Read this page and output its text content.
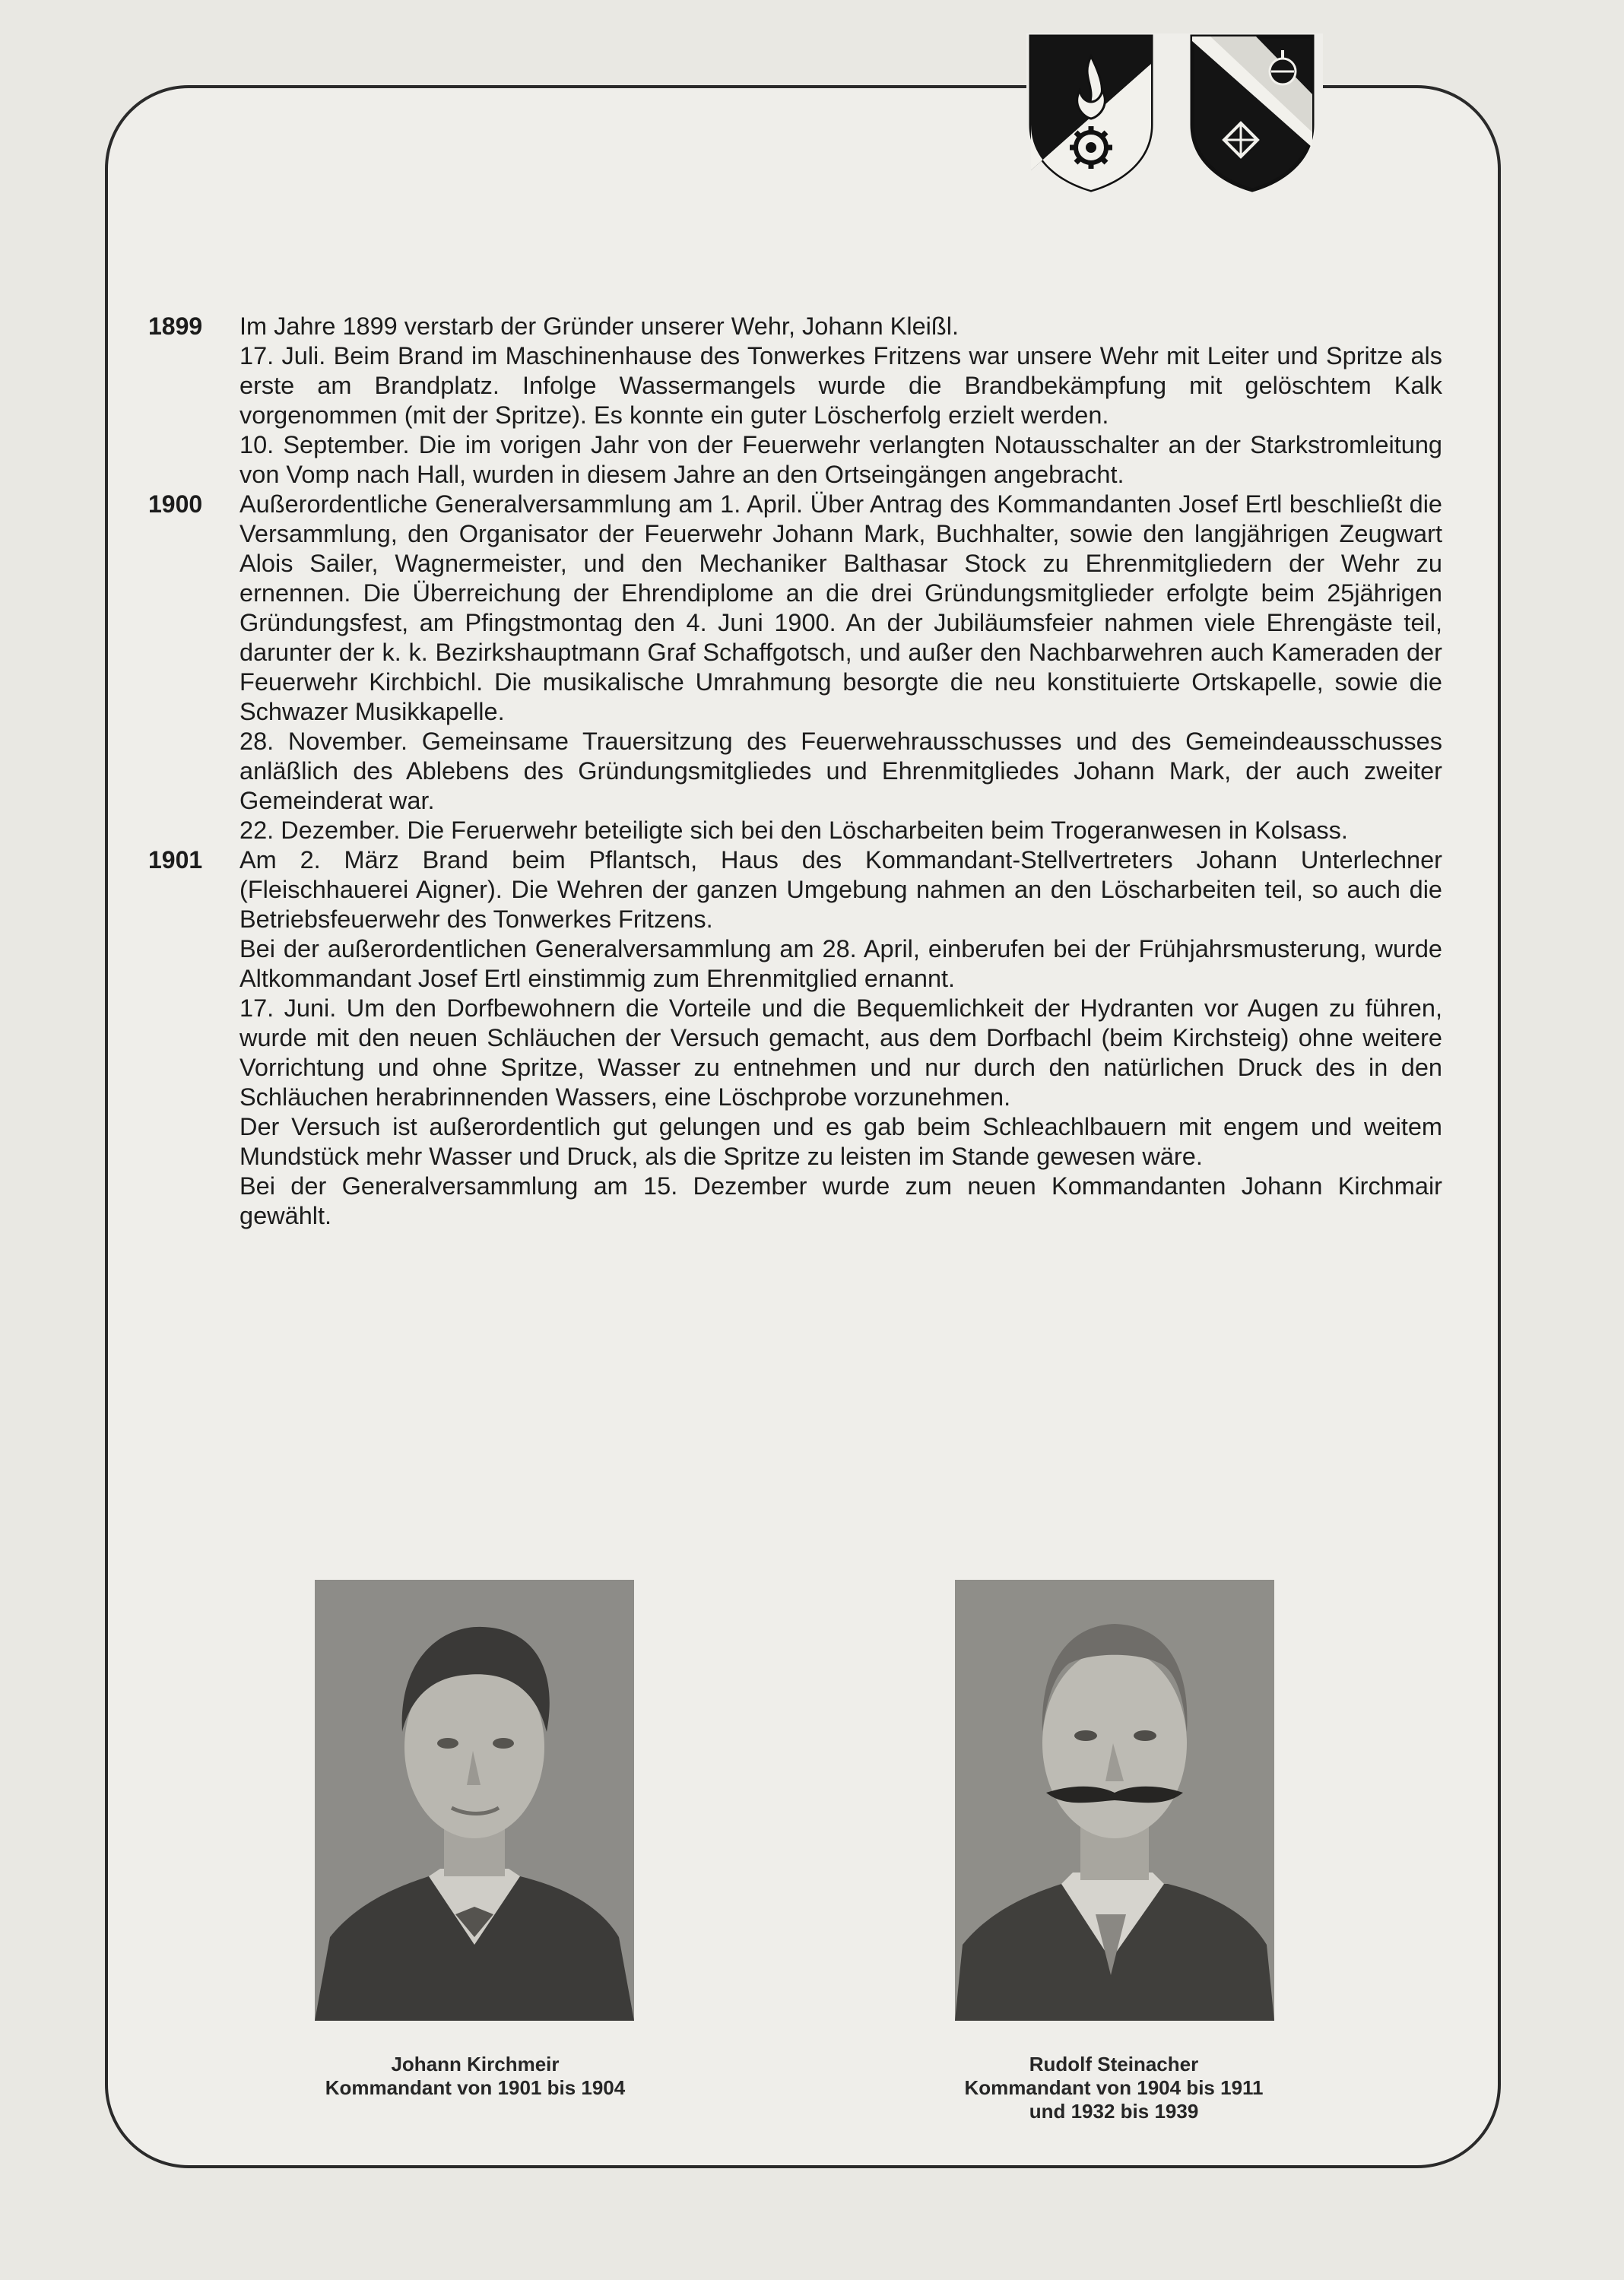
1899	Im Jahre 1899 verstarb der Gründer unserer Wehr, Johann Kleißl.

17. Juli. Beim Brand im Maschinenhause des Tonwerkes Fritzens war unsere Wehr mit Leiter und Spritze als erste am Brandplatz. Infolge Wassermangels wurde die Brandbekämpfung mit gelöschtem Kalk vorgenommen (mit der Spritze). Es konnte ein guter Löscherfolg erzielt werden.

10. September. Die im vorigen Jahr von der Feuerwehr verlangten Notausschalter an der Starkstromleitung von Vomp nach Hall, wurden in diesem Jahre an den Ortseingängen angebracht.

1900	Außerordentliche Generalversammlung am 1. April. Über Antrag des Kommandanten Josef Ertl beschließt die Versammlung, den Organisator der Feuerwehr Johann Mark, Buchhalter, sowie den langjährigen Zeugwart Alois Sailer, Wagnermeister, und den Mechaniker Balthasar Stock zu Ehrenmitgliedern der Wehr zu ernennen. Die Überreichung der Ehrendiplome an die drei Gründungsmitglieder erfolgte beim 25jährigen Gründungsfest, am Pfingstmontag den 4. Juni 1900. An der Jubiläumsfeier nahmen viele Ehrengäste teil, darunter der k. k. Bezirkshauptmann Graf Schaffgotsch, und außer den Nachbarwehren auch Kameraden der Feuerwehr Kirchbichl. Die musikalische Umrahmung besorgte die neu konstituierte Ortskapelle, sowie die Schwazer Musikkapelle.

28. November. Gemeinsame Trauersitzung des Feuerwehrausschusses und des Gemeindeausschusses anläßlich des Ablebens des Gründungsmitgliedes und Ehrenmitgliedes Johann Mark, der auch zweiter Gemeinderat war.

22. Dezember. Die Feruerwehr beteiligte sich bei den Löscharbeiten beim Trogeranwesen in Kolsass.

1901	Am 2. März Brand beim Pflantsch, Haus des Kommandant-Stellvertreters Johann Unterlechner (Fleischhauerei Aigner). Die Wehren der ganzen Umgebung nahmen an den Löscharbeiten teil, so auch die Betriebsfeuerwehr des Tonwerkes Fritzens.

Bei der außerordentlichen Generalversammlung am 28. April, einberufen bei der Frühjahrsmusterung, wurde Altkommandant Josef Ertl einstimmig zum Ehrenmitglied ernannt.

17. Juni. Um den Dorfbewohnern die Vorteile und die Bequemlichkeit der Hydranten vor Augen zu führen, wurde mit den neuen Schläuchen der Versuch gemacht, aus dem Dorfbachl (beim Kirchsteig) ohne weitere Vorrichtung und ohne Spritze, Wasser zu entnehmen und nur durch den natürlichen Druck des in den Schläuchen herabrinnenden Wassers, eine Löschprobe vorzunehmen.

Der Versuch ist außerordentlich gut gelungen und es gab beim Schleachlbauern mit engem und weitem Mundstück mehr Wasser und Druck, als die Spritze zu leisten im Stande gewesen wäre.

Bei der Generalversammlung am 15. Dezember wurde zum neuen Kommandanten Johann Kirchmair gewählt.

Johann Kirchmeir
Kommandant von 1901 bis 1904
Rudolf Steinacher
Kommandant von 1904 bis 1911
und 1932 bis 1939
